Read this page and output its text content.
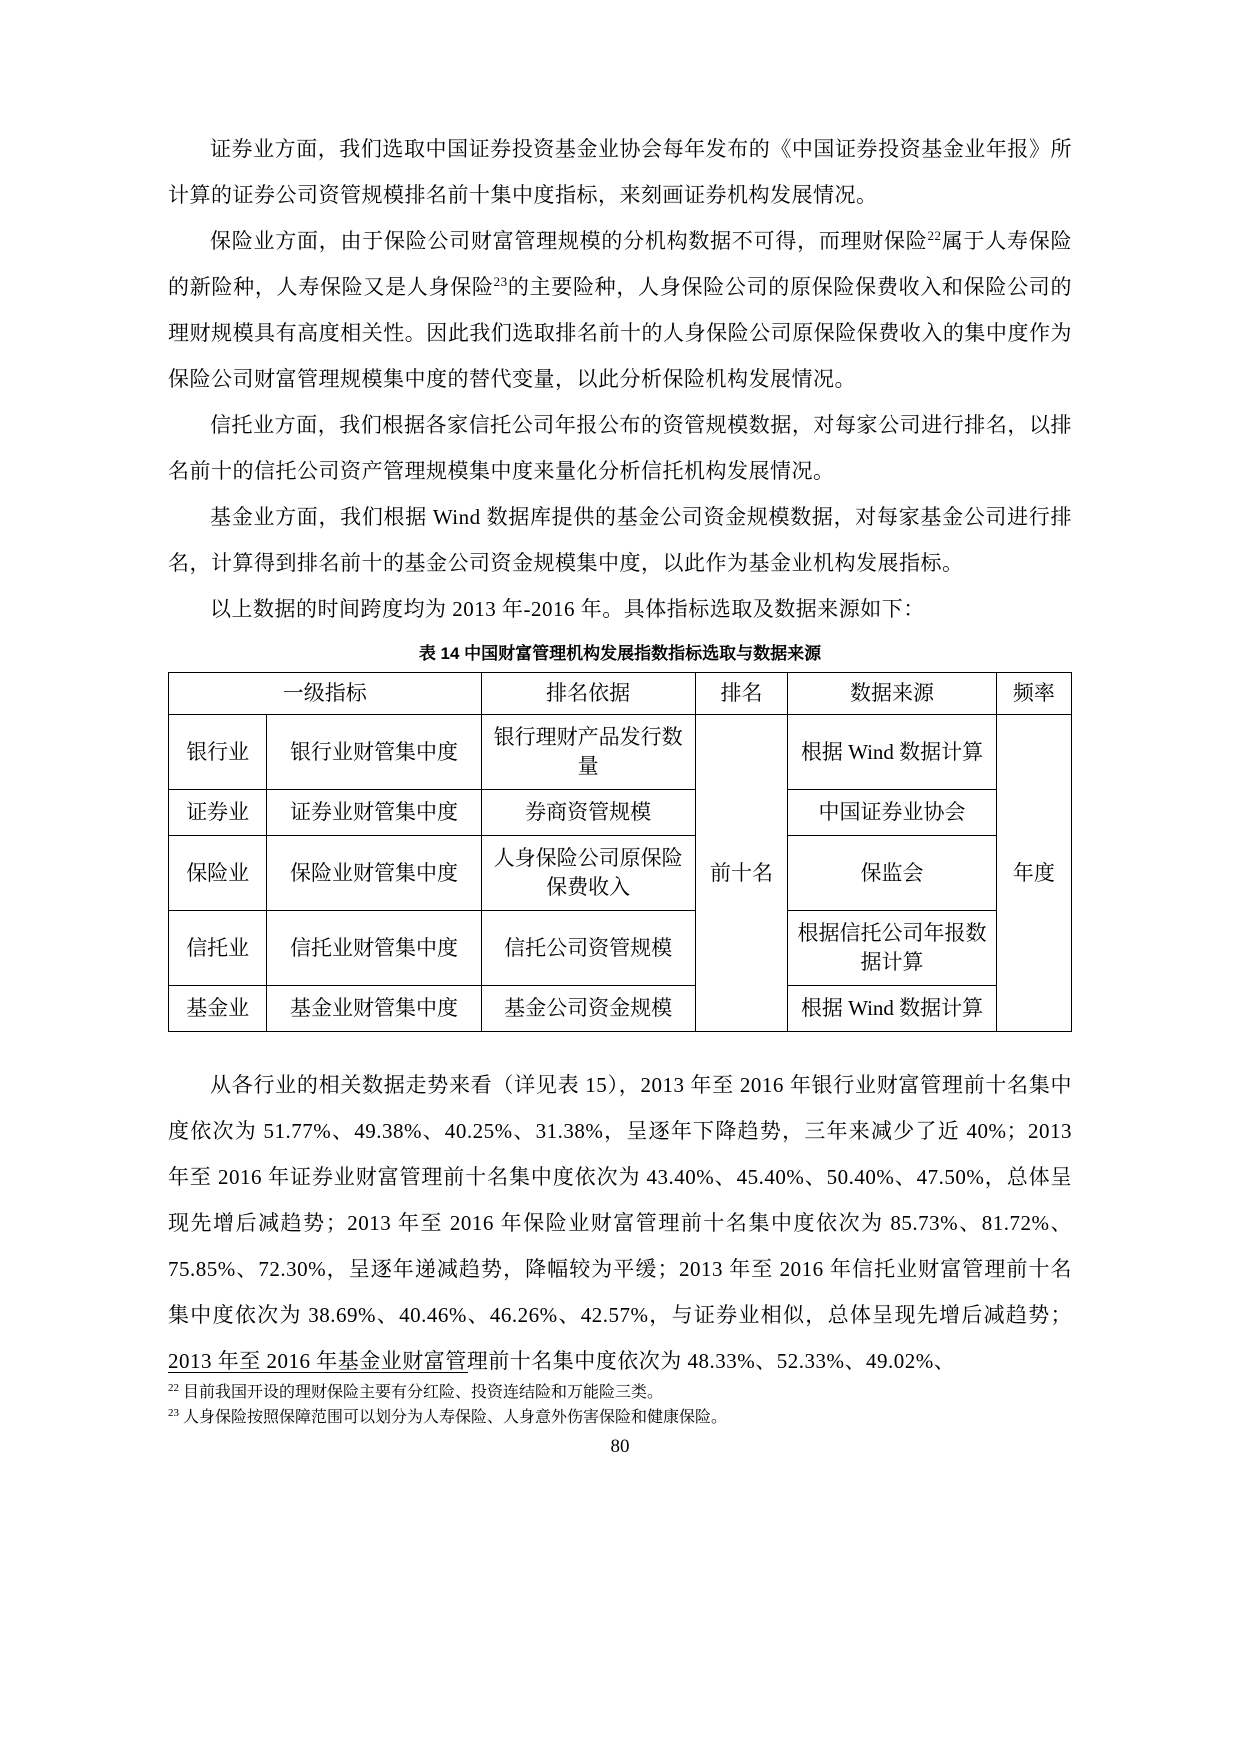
证券业方面，我们选取中国证券投资基金业协会每年发布的《中国证券投资基金业年报》所计算的证券公司资管规模排名前十集中度指标，来刻画证券机构发展情况。

保险业方面，由于保险公司财富管理规模的分机构数据不可得，而理财保险$^{22}$属于人寿保险的新险种，人寿保险又是人身保险$^{23}$的主要险种，人身保险公司的原保险保费收入和保险公司的理财规模具有高度相关性。因此我们选取排名前十的人身保险公司原保险保费收入的集中度作为保险公司财富管理规模集中度的替代变量，以此分析保险机构发展情况。

信托业方面，我们根据各家信托公司年报公布的资管规模数据，对每家公司进行排名，以排名前十的信托公司资产管理规模集中度来量化分析信托机构发展情况。

基金业方面，我们根据 Wind 数据库提供的基金公司资金规模数据，对每家基金公司进行排名，计算得到排名前十的基金公司资金规模集中度，以此作为基金业机构发展指标。

以上数据的时间跨度均为 2013 年-2016 年。具体指标选取及数据来源如下：

表 14 中国财富管理机构发展指数指标选取与数据来源
一级指标		排名依据	排名	数据来源	频率
银行业	银行业财管集中度	银行理财产品发行数量	前十名	根据 Wind 数据计算	年度
证券业	证券业财管集中度	券商资管规模		中国证券业协会	
保险业	保险业财管集中度	人身保险公司原保险保费收入		保监会	
信托业	信托业财管集中度	信托公司资管规模		根据信托公司年报数据计算	
基金业	基金业财管集中度	基金公司资金规模		根据 Wind 数据计算	

从各行业的相关数据走势来看（详见表 15），2013 年至 2016 年银行业财富管理前十名集中度依次为 51.77%、49.38%、40.25%、31.38%，呈逐年下降趋势，三年来减少了近 40%；2013 年至 2016 年证券业财富管理前十名集中度依次为 43.40%、45.40%、50.40%、47.50%，总体呈现先增后减趋势；2013 年至 2016 年保险业财富管理前十名集中度依次为 85.73%、81.72%、75.85%、72.30%，呈逐年递减趋势，降幅较为平缓；2013 年至 2016 年信托业财富管理前十名集中度依次为 38.69%、40.46%、46.26%、42.57%，与证券业相似，总体呈现先增后减趋势；2013 年至 2016 年基金业财富管理前十名集中度依次为 48.33%、52.33%、49.02%、

$^{22}$ 目前我国开设的理财保险主要有分红险、投资连结险和万能险三类。
$^{23}$ 人身保险按照保障范围可以划分为人寿保险、人身意外伤害保险和健康保险。
80
